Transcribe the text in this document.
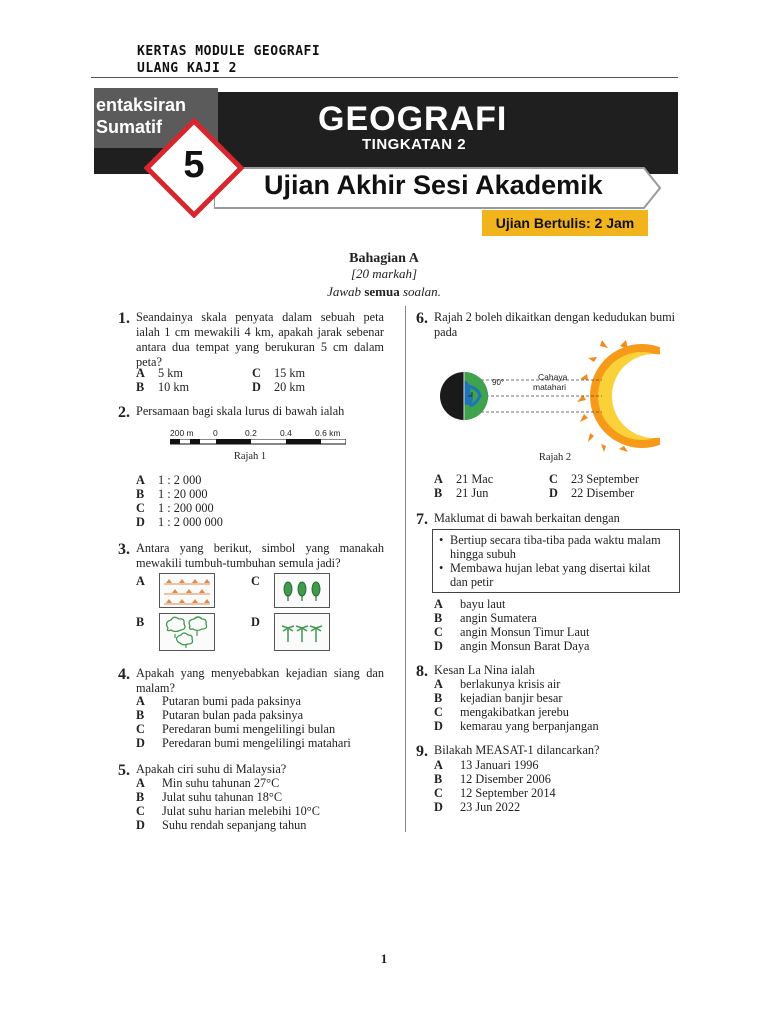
KERTAS MODULE GEOGRAFI
ULANG KAJI 2
entaksiran
Sumatif	GEOGRAFI
TINGKATAN 2
Ujian Akhir Sesi Akademik
Ujian Bertulis: 2 Jam
5
Bahagian A
[20 markah]
Jawab semua soalan.
1. Seandainya skala penyata dalam sebuah peta
ialah 1 cm mewakili 4 km, apakah jarak sebenar
antara dua tempat yang berukuran 5 cm dalam
peta?
A 5 km	C 15 km
B 10 km	D 20 km
2. Persamaan bagi skala lurus di bawah ialah
200 m 0	0.2	0.4	0.6 km
Rajah 1
A 1 : 2 000
B 1 : 20 000
C 1 : 200 000
D 1 : 2 000 000
3. Antara yang berikut, simbol yang manakah
mewakili tumbuh-tumbuhan semula jadi?
A	C
B	D
4. Apakah yang menyebabkan kejadian siang dan
malam?
A Putaran bumi pada paksinya
B Putaran bulan pada paksinya
C Peredaran bumi mengelilingi bulan
D Peredaran bumi mengelilingi matahari
5. Apakah ciri suhu di Malaysia?
A Min suhu tahunan 27°C
B Julat suhu tahunan 18°C
C Julat suhu harian melebihi 10°C
D Suhu rendah sepanjang tahun
6. Rajah 2 boleh dikaitkan dengan kedudukan bumi
pada
90°
Cahaya
matahari
Rajah 2
A 21 Mac	C 23 September
B 21 Jun	D 22 Disember
7. Maklumat di bawah berkaitan dengan
• Bertiup secara tiba-tiba pada waktu malam
hingga subuh
• Membawa hujan lebat yang disertai kilat
dan petir
A bayu laut
B angin Sumatera
C angin Monsun Timur Laut
D angin Monsun Barat Daya
8. Kesan La Nina ialah
A berlakunya krisis air
B kejadian banjir besar
C mengakibatkan jerebu
D kemarau yang berpanjangan
9. Bilakah MEASAT-1 dilancarkan?
A 13 Januari 1996
B 12 Disember 2006
C 12 September 2014
D 23 Jun 2022
1
